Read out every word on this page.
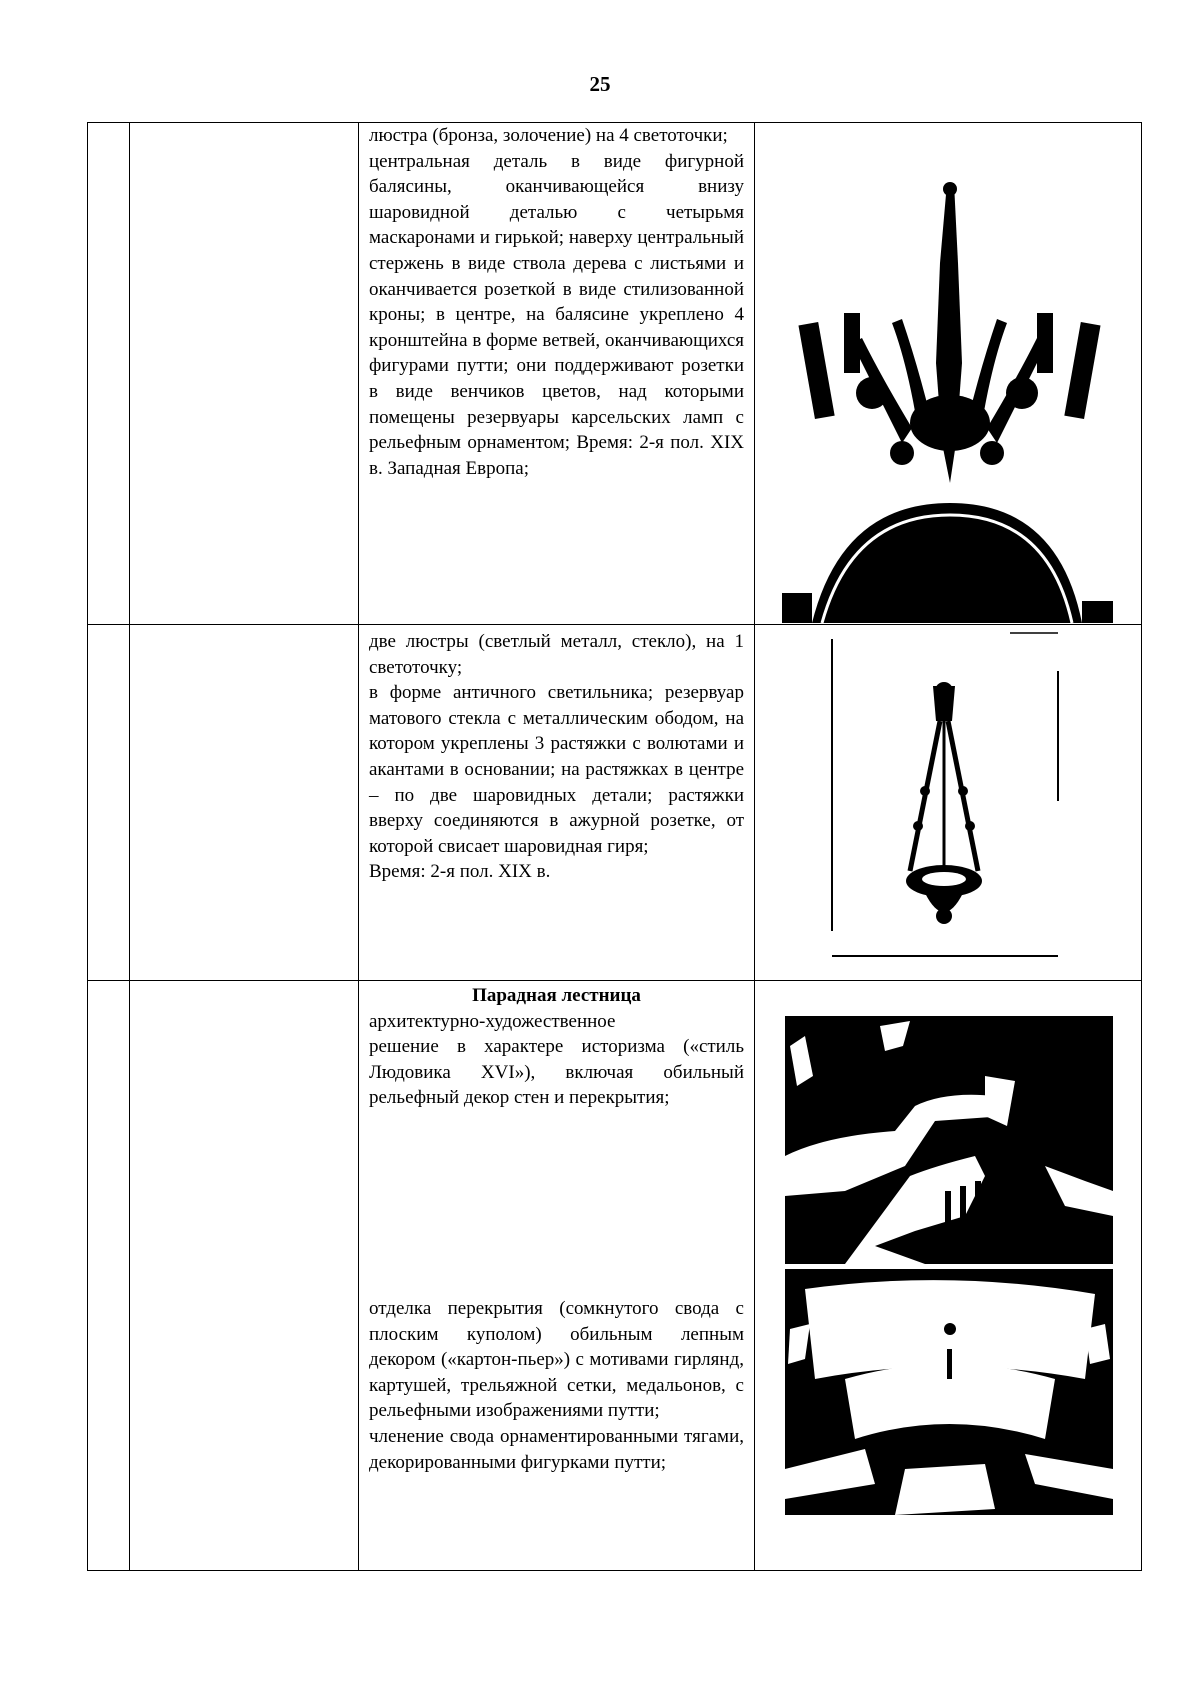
25

		люстра (бронза, золочение) на 4 светоточки;

центральная деталь в виде фигурной балясины, оканчивающейся внизу шаровидной деталью с четырьмя маскаронами и гирькой; наверху центральный стержень в виде ствола дерева с листьями и оканчивается розеткой в виде стилизованной кроны; в центре, на балясине укреплено 4 кронштейна в форме ветвей, оканчивающихся фигурами путти; они поддерживают розетки в виде венчиков цветов, над которыми помещены резервуары карсельских ламп с рельефным орнаментом; Время: 2-я пол. XIX в. Западная Европа;

		две люстры (светлый металл, стекло), на 1 светоточку;

в форме античного светильника; резервуар матового стекла с металлическим ободом, на котором укреплены 3 растяжки с волютами и акантами в основании; на растяжках в центре – по две шаровидных детали; растяжки вверху соединяются в ажурной розетке, от которой свисает шаровидная гиря;

Время: 2-я пол. XIX в.

		Парадная лестница

архитектурно-художественное

решение в характере историзма («стиль Людовика XVI»), включая обильный рельефный декор стен и перекрытия;

отделка перекрытия (сомкнутого свода с плоским куполом) обильным лепным декором («картон-пьер») с мотивами гирлянд, картушей, трельяжной сетки, медальонов, с рельефными изображениями путти;

членение свода орнаментированными тягами, декорированными фигурками путти;
